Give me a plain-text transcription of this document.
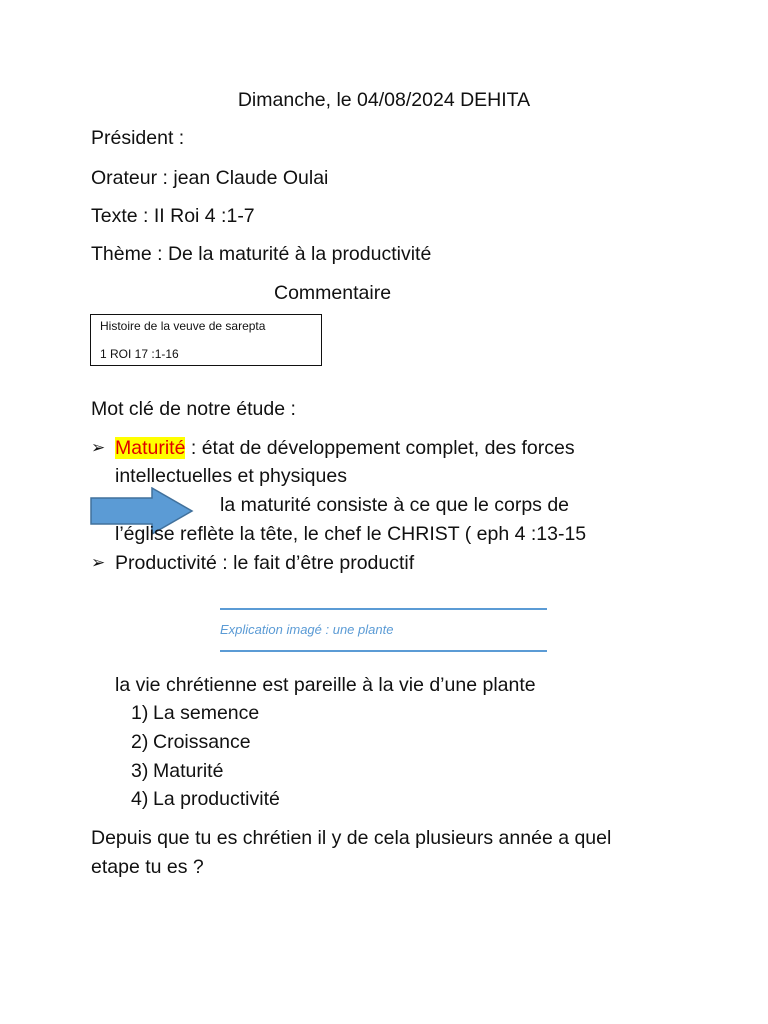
Dimanche, le 04/08/2024 DEHITA
Président :
Orateur : jean Claude Oulai
Texte : II Roi 4 :1-7
Thème : De la maturité à la productivité
Commentaire
Histoire de la veuve de sarepta
1 ROI 17 :1-16
Mot clé de notre étude :
➢ Maturité : état de développement complet, des forces
intellectuelles et physiques
la maturité consiste à ce que le corps de
l’église reflète la tête, le chef le CHRIST ( eph 4 :13-15
➢ Productivité : le fait d’être productif
Explication imagé : une plante
la vie chrétienne est pareille à la vie d’une plante
1) La semence
2) Croissance
3) Maturité
4) La productivité
Depuis que tu es chrétien il y de cela plusieurs année a quel
etape tu es ?
